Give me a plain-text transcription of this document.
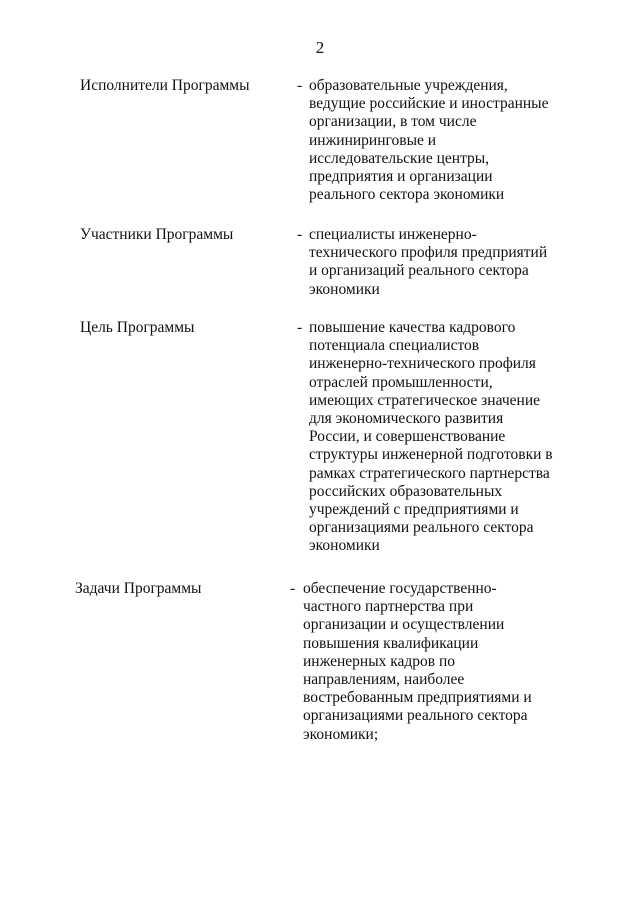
2
Исполнители Программы	- образовательные учреждения,
ведущие российские и иностранные
организации, в том числе
инжиниринговые и
исследовательские центры,
предприятия и организации
реального сектора экономики
Участники Программы	- специалисты инженерно-
технического профиля предприятий
и организаций реального сектора
экономики
Цель Программы	- повышение качества кадрового
потенциала специалистов
инженерно-технического профиля
отраслей промышленности,
имеющих стратегическое значение
для экономического развития
России, и совершенствование
структуры инженерной подготовки в
рамках стратегического партнерства
российских образовательных
учреждений с предприятиями и
организациями реального сектора
экономики
Задачи Программы	- обеспечение государственно-
частного партнерства при
организации и осуществлении
повышения квалификации
инженерных кадров по
направлениям, наиболее
востребованным предприятиями и
организациями реального сектора
экономики;
